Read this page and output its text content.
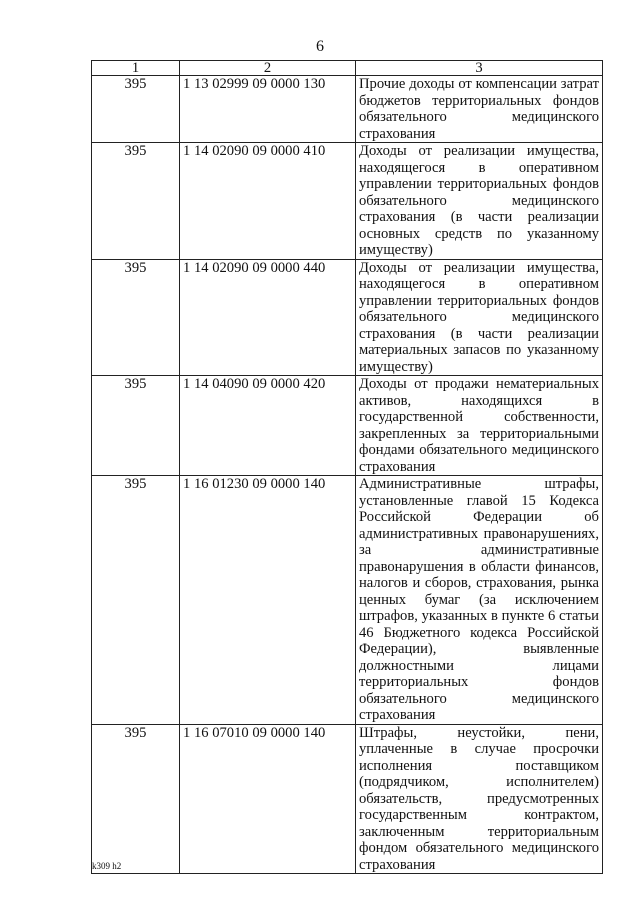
6
1	2	3
395	1 13 02999 09 0000 130	Прочие доходы от компенсации затрат бюджетов территориальных фондов обязательного медицинского страхования
395	1 14 02090 09 0000 410	Доходы от реализации имущества, находящегося в оперативном управлении территориальных фондов обязательного медицинского страхования (в части реализации основных средств по указанному имуществу)
395	1 14 02090 09 0000 440	Доходы от реализации имущества, находящегося в оперативном управлении территориальных фондов обязательного медицинского страхования (в части реализации материальных запасов по указанному имуществу)
395	1 14 04090 09 0000 420	Доходы от продажи нематериальных активов, находящихся в государственной собственности, закрепленных за территориальными фондами обязательного медицинского страхования
395	1 16 01230 09 0000 140	Административные штрафы, установленные главой 15 Кодекса Российской Федерации об административных правонарушениях, за административные правонарушения в области финансов, налогов и сборов, страхования, рынка ценных бумаг (за исключением штрафов, указанных в пункте 6 статьи 46 Бюджетного кодекса Российской Федерации), выявленные должностными лицами территориальных фондов обязательного медицинского страхования
395	1 16 07010 09 0000 140	Штрафы, неустойки, пени, уплаченные в случае просрочки исполнения поставщиком (подрядчиком, исполнителем) обязательств, предусмотренных государственным контрактом, заключенным территориальным фондом обязательного медицинского страхования
k309 h2
